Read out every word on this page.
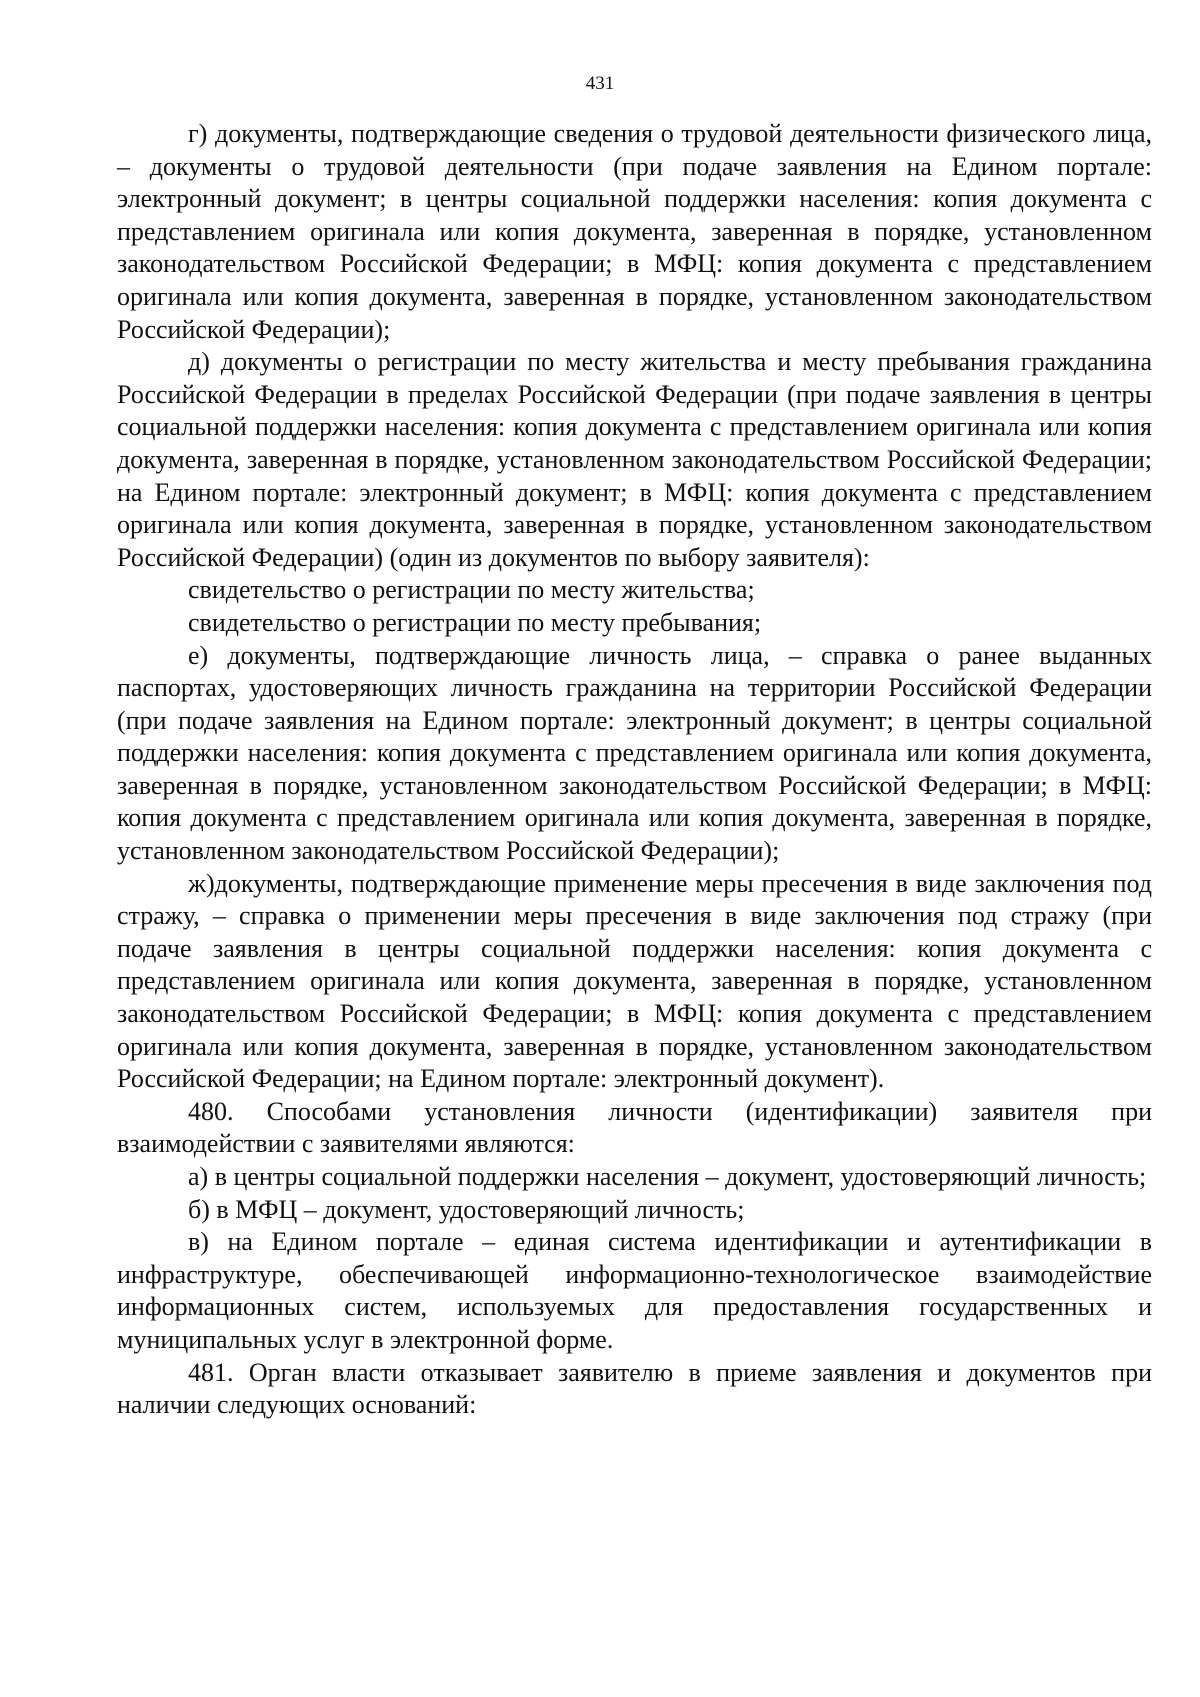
431

г) документы, подтверждающие сведения о трудовой деятельности физического лица, – документы о трудовой деятельности (при подаче заявления на Едином портале: электронный документ; в центры социальной поддержки населения: копия документа с представлением оригинала или копия документа, заверенная в порядке, установленном законодательством Российской Федерации; в МФЦ: копия документа с представлением оригинала или копия документа, заверенная в порядке, установленном законодательством Российской Федерации);

д) документы о регистрации по месту жительства и месту пребывания гражданина Российской Федерации в пределах Российской Федерации (при подаче заявления в центры социальной поддержки населения: копия документа с представлением оригинала или копия документа, заверенная в порядке, установленном законодательством Российской Федерации; на Едином портале: электронный документ; в МФЦ: копия документа с представлением оригинала или копия документа, заверенная в порядке, установленном законодательством Российской Федерации) (один из документов по выбору заявителя):

свидетельство о регистрации по месту жительства;

свидетельство о регистрации по месту пребывания;

е) документы, подтверждающие личность лица, – справка о ранее выданных паспортах, удостоверяющих личность гражданина на территории Российской Федерации (при подаче заявления на Едином портале: электронный документ; в центры социальной поддержки населения: копия документа с представлением оригинала или копия документа, заверенная в порядке, установленном законодательством Российской Федерации; в МФЦ: копия документа с представлением оригинала или копия документа, заверенная в порядке, установленном законодательством Российской Федерации);

ж)документы, подтверждающие применение меры пресечения в виде заключения под стражу, – справка о применении меры пресечения в виде заключения под стражу (при подаче заявления в центры социальной поддержки населения: копия документа с представлением оригинала или копия документа, заверенная в порядке, установленном законодательством Российской Федерации; в МФЦ: копия документа с представлением оригинала или копия документа, заверенная в порядке, установленном законодательством Российской Федерации; на Едином портале: электронный документ).

480. Способами установления личности (идентификации) заявителя при взаимодействии с заявителями являются:

а) в центры социальной поддержки населения – документ, удостоверяющий личность;

б) в МФЦ – документ, удостоверяющий личность;

в) на Едином портале – единая система идентификации и аутентификации в инфраструктуре, обеспечивающей информационно-технологическое взаимодействие информационных систем, используемых для предоставления государственных и муниципальных услуг в электронной форме.

481. Орган власти отказывает заявителю в приеме заявления и документов при наличии следующих оснований:
